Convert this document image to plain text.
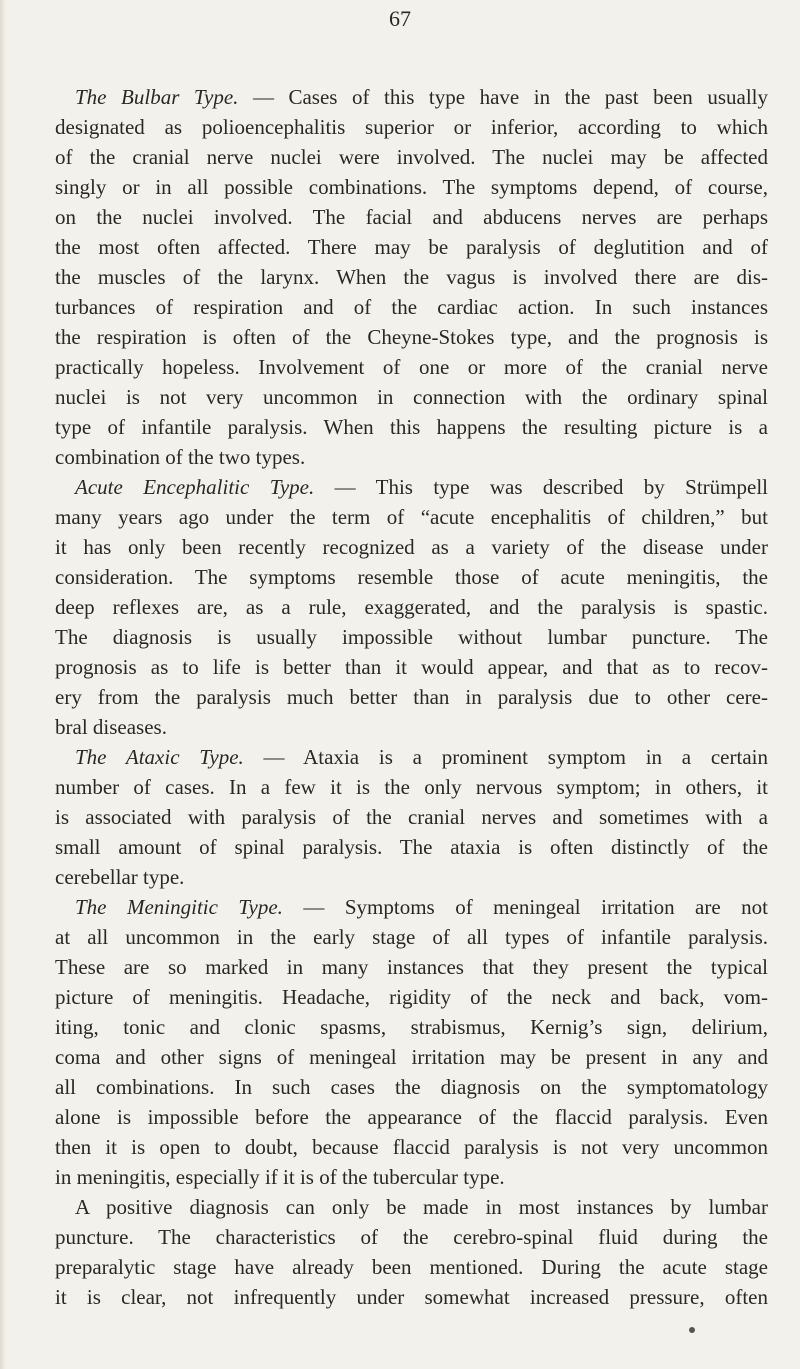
67
The Bulbar Type. — Cases of this type have in the past been usually
designated as polioencephalitis superior or inferior, according to which
of the cranial nerve nuclei were involved. The nuclei may be affected
singly or in all possible combinations. The symptoms depend, of course,
on the nuclei involved. The facial and abducens nerves are perhaps
the most often affected. There may be paralysis of deglutition and of
the muscles of the larynx. When the vagus is involved there are dis-
turbances of respiration and of the cardiac action. In such instances
the respiration is often of the Cheyne-Stokes type, and the prognosis is
practically hopeless. Involvement of one or more of the cranial nerve
nuclei is not very uncommon in connection with the ordinary spinal
type of infantile paralysis. When this happens the resulting picture is a
combination of the two types.
Acute Encephalitic Type. — This type was described by Strümpell
many years ago under the term of “acute encephalitis of children,” but
it has only been recently recognized as a variety of the disease under
consideration. The symptoms resemble those of acute meningitis, the
deep reflexes are, as a rule, exaggerated, and the paralysis is spastic.
The diagnosis is usually impossible without lumbar puncture. The
prognosis as to life is better than it would appear, and that as to recov-
ery from the paralysis much better than in paralysis due to other cere-
bral diseases.
The Ataxic Type. — Ataxia is a prominent symptom in a certain
number of cases. In a few it is the only nervous symptom; in others, it
is associated with paralysis of the cranial nerves and sometimes with a
small amount of spinal paralysis. The ataxia is often distinctly of the
cerebellar type.
The Meningitic Type. — Symptoms of meningeal irritation are not
at all uncommon in the early stage of all types of infantile paralysis.
These are so marked in many instances that they present the typical
picture of meningitis. Headache, rigidity of the neck and back, vom-
iting, tonic and clonic spasms, strabismus, Kernig’s sign, delirium,
coma and other signs of meningeal irritation may be present in any and
all combinations. In such cases the diagnosis on the symptomatology
alone is impossible before the appearance of the flaccid paralysis. Even
then it is open to doubt, because flaccid paralysis is not very uncommon
in meningitis, especially if it is of the tubercular type.
A positive diagnosis can only be made in most instances by lumbar
puncture. The characteristics of the cerebro-spinal fluid during the
preparalytic stage have already been mentioned. During the acute stage
it is clear, not infrequently under somewhat increased pressure, often
